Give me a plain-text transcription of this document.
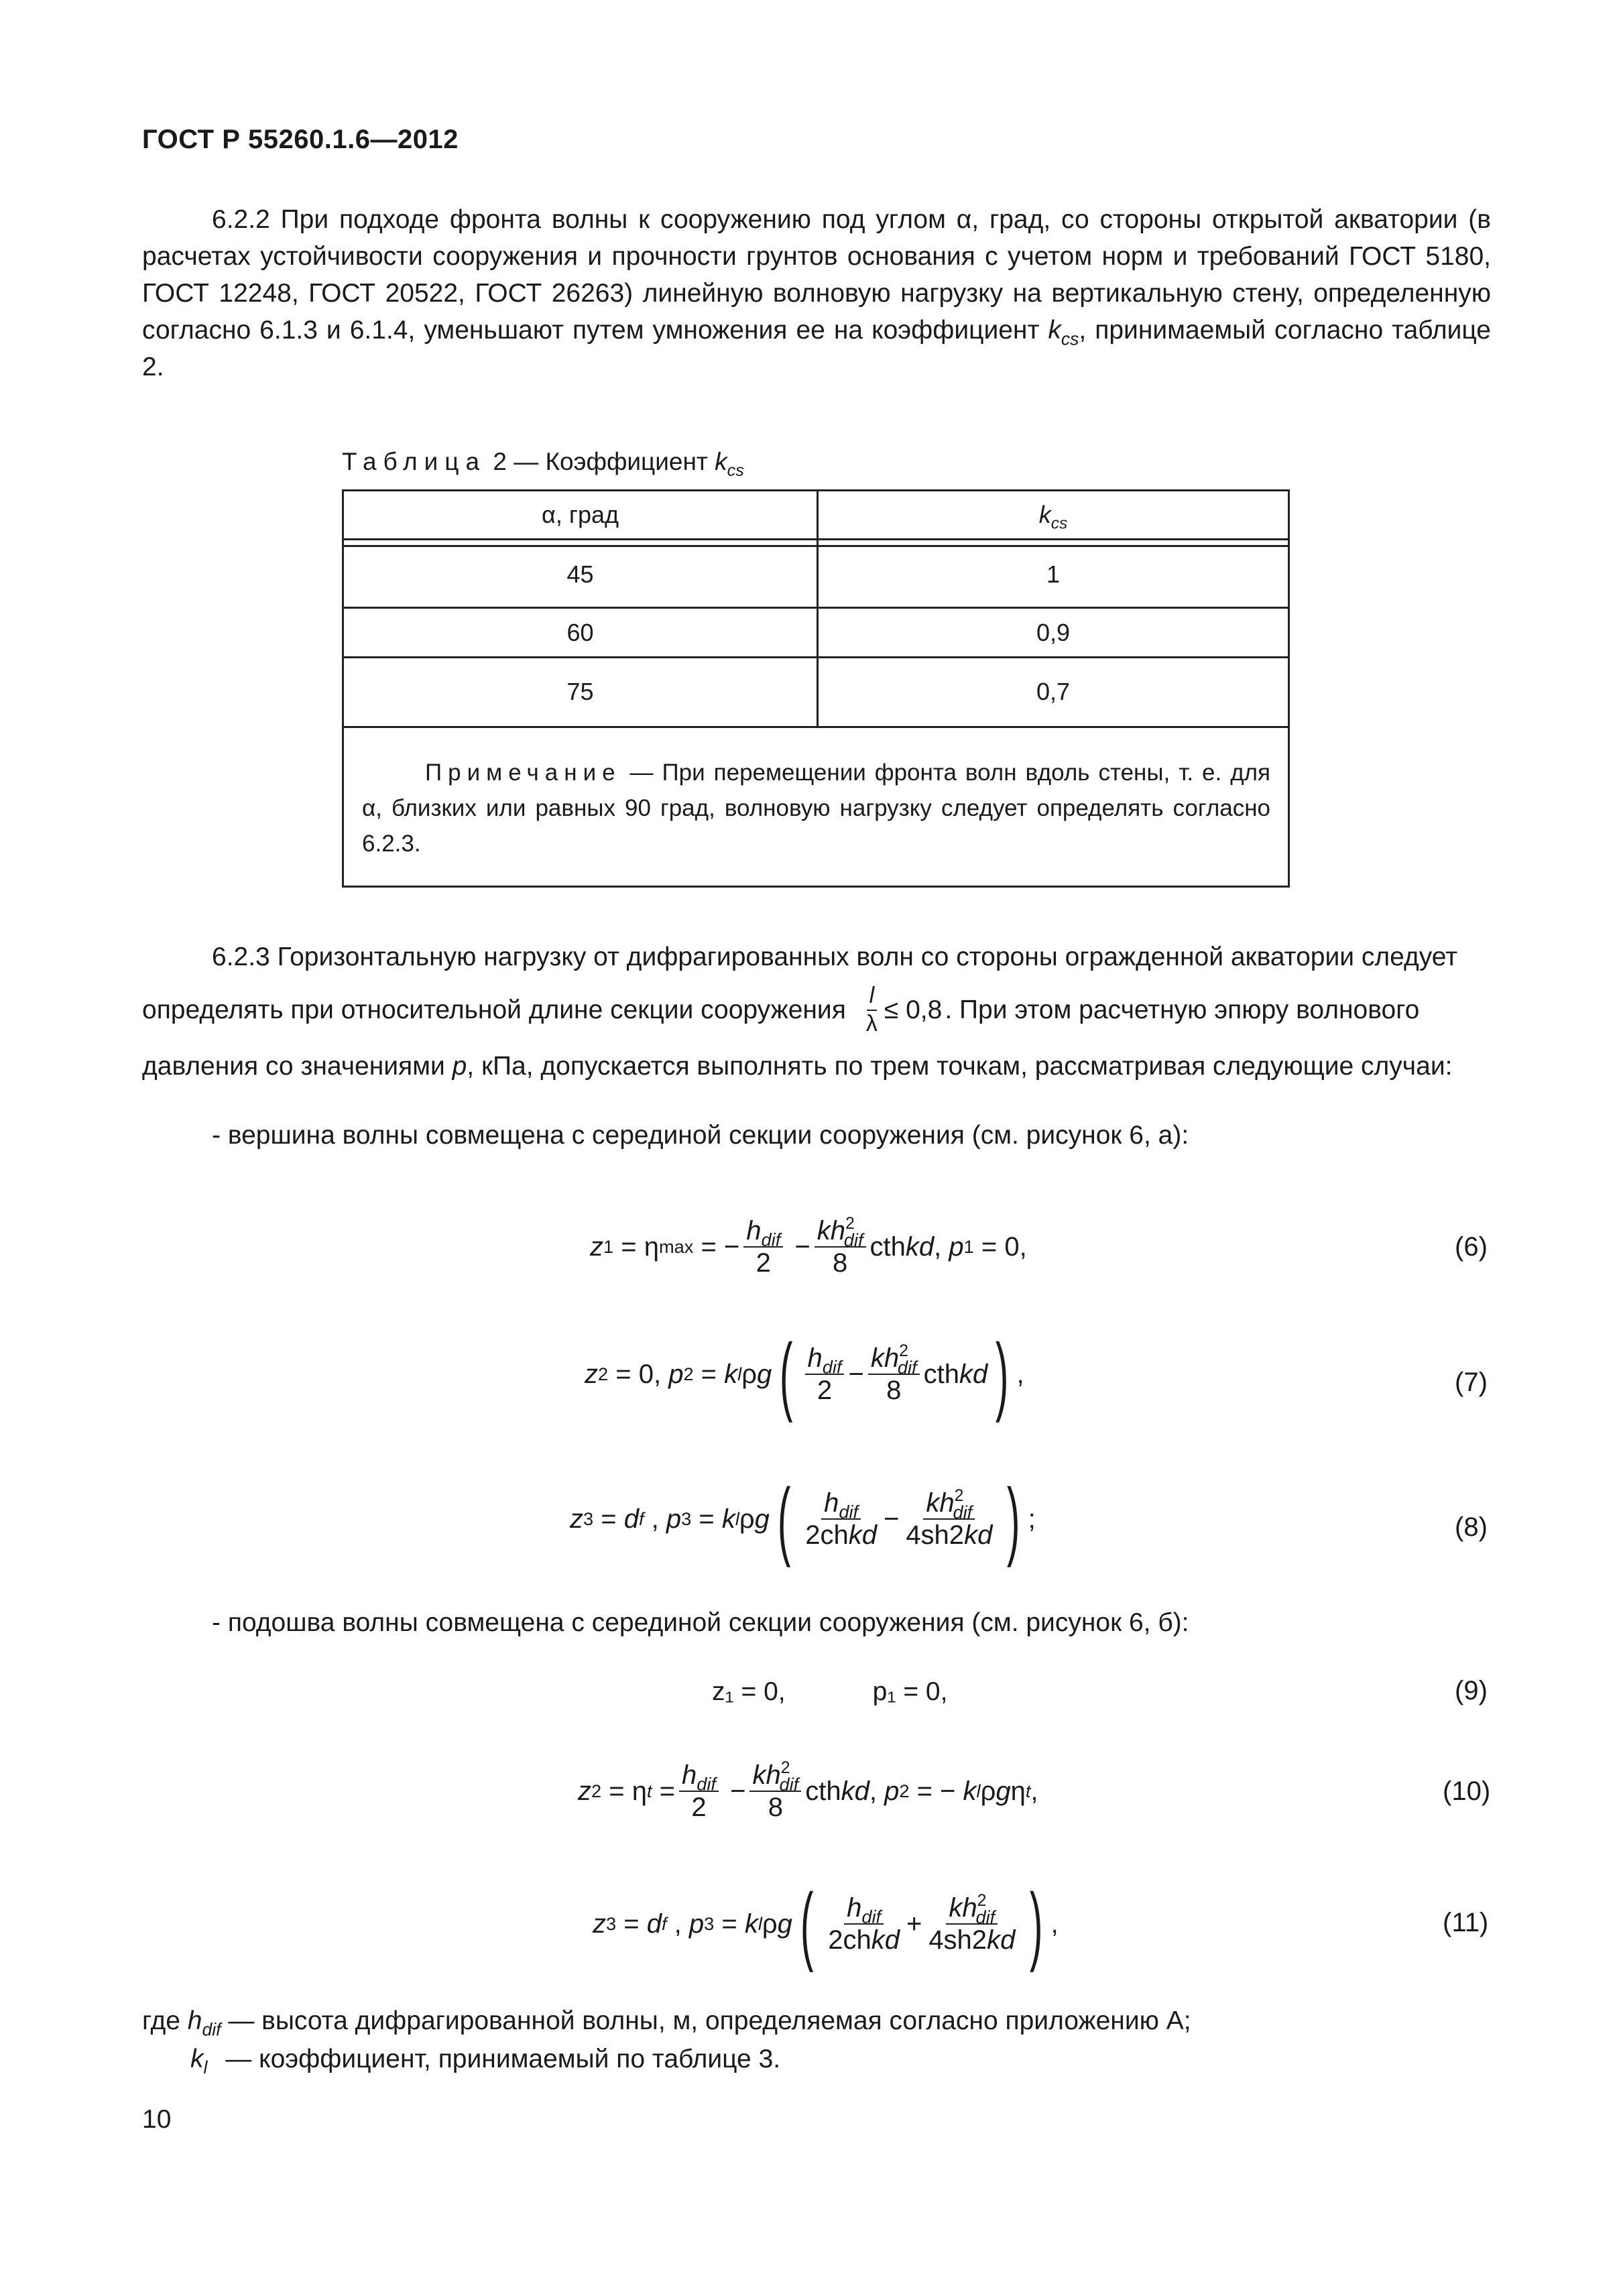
ГОСТ Р 55260.1.6—2012

6.2.2 При подходе фронта волны к сооружению под углом α, град, со стороны открытой акватории (в расчетах устойчивости сооружения и прочности грунтов основания с учетом норм и требований ГОСТ 5180, ГОСТ 12248, ГОСТ 20522, ГОСТ 26263) линейную волновую нагрузку на вертикальную стену, определенную согласно 6.1.3 и 6.1.4, уменьшают путем умножения ее на коэффициент $k_{cs}$, принимаемый согласно таблице 2.

Таблица 2 — Коэффициент $k_{cs}$
α, град	$k_{cs}$
45	1
60	0,9
75	0,7
Примечание — При перемещении фронта волн вдоль стены, т. е. для α, близких или равных 90 град, волновую нагрузку следует определять согласно 6.2.3.

6.2.3 Горизонтальную нагрузку от дифрагированных волн со стороны огражденной акватории следует

определять при относительной длине секции сооружения $\frac{l}{\lambda} \le 0,8$ . При этом расчетную эпюру волнового

давления со значениями p, кПа, допускается выполнять по трем точкам, рассматривая следующие случаи:

- вершина волны совмещена с серединой секции сооружения (см. рисунок 6, а):
z 1 = η max = − $\frac{h_{dif}}{2} - \frac{kh^2_{dif}}{8}$ cth kd , p 1 = 0,	(6)
z 2 = 0, p 2 = k l ρ g ( $\frac{h_{dif}}{2} - \frac{kh^2_{dif}}{8}$ cth kd ) ,	(7)
z 3 = d f , p 3 = k l ρ g ( $\frac{h_{dif}}{\text{2chkd}} - \frac{kh^2_{dif}}{4sh2kd}$ ) ;	(8)
- подошва волны совмещена с серединой секции сооружения (см. рисунок 6, б):
z₁ = 0,	p₁ = 0,	(9)
z 2 = η $t = \frac{h_{dif}}{2} - \frac{kh^2_{dif}}{8}$ cth kd , p 2 = − k l ρ g η t ,	(10)
z 3 = d f , p 3 = k l ρ g ( $\frac{h_{dif}}{\text{2chkd}} + \frac{kh^2_{dif}}{4sh2kd}$ ) ,	(11)
где $h_{dif}$ — высота дифрагированной волны, м, определяемая согласно приложению А;
$k_l$ — коэффициент, принимаемый по таблице 3.
10
